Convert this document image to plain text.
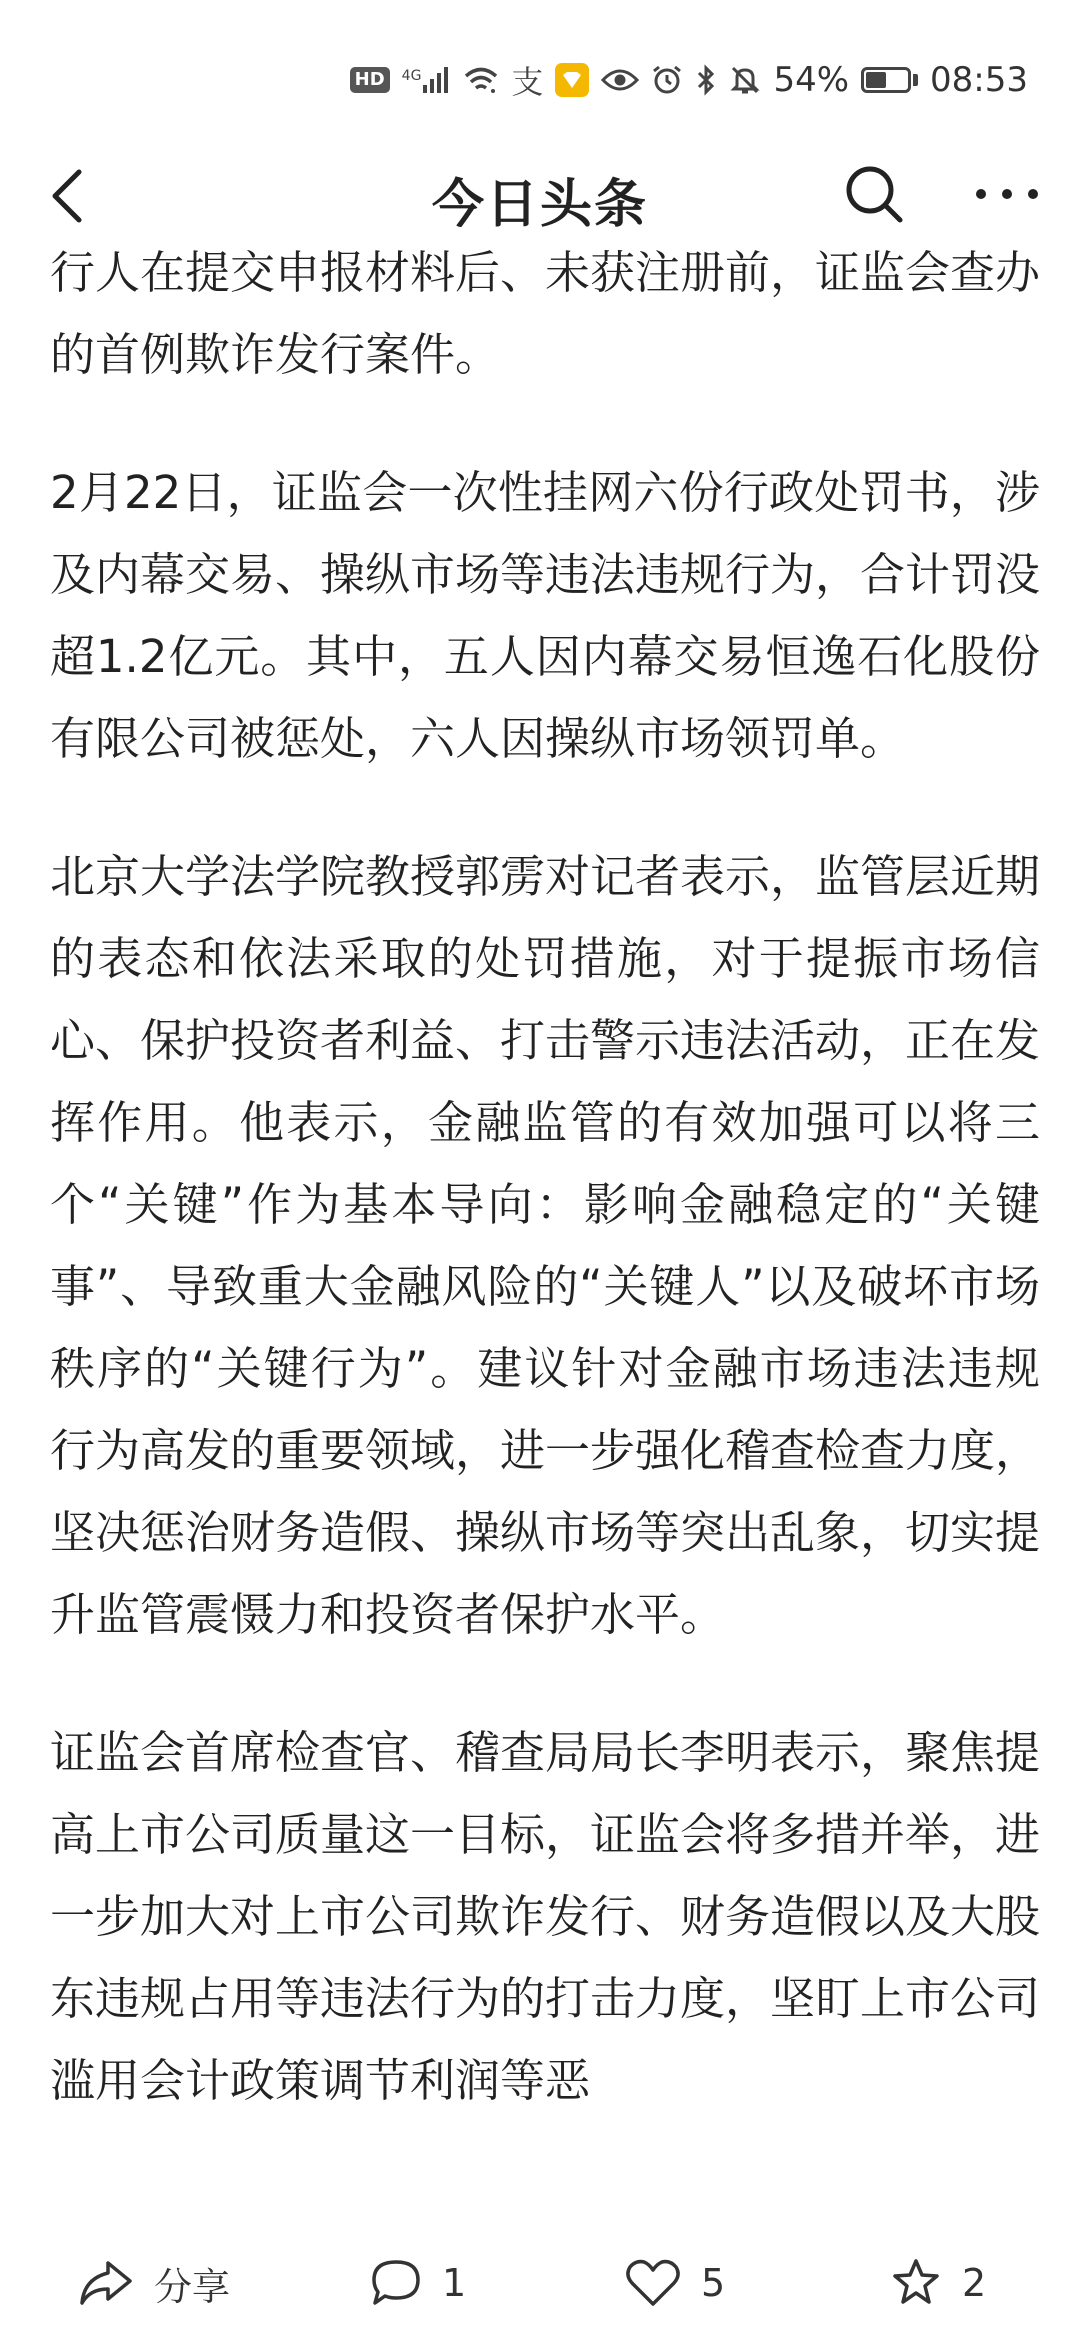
HD	4G	支	54% 08:53
今日头条

行人在提交申报材料后、未获注册前，证监会查办的首例欺诈发行案件。

2月22日，证监会一次性挂网六份行政处罚书，涉及内幕交易、操纵市场等违法违规行为，合计罚没超1.2亿元。其中，五人因内幕交易恒逸石化股份有限公司被惩处，六人因操纵市场领罚单。

北京大学法学院教授郭雳对记者表示，监管层近期的表态和依法采取的处罚措施，对于提振市场信心、保护投资者利益、打击警示违法活动，正在发挥作用。他表示，金融监管的有效加强可以将三个“关键”作为基本导向：影响金融稳定的“关键事”、导致重大金融风险的“关键人”以及破坏市场秩序的“关键行为”。建议针对金融市场违法违规行为高发的重要领域，进一步强化稽查检查力度，坚决惩治财务造假、操纵市场等突出乱象，切实提升监管震慑力和投资者保护水平。

证监会首席检查官、稽查局局长李明表示，聚焦提高上市公司质量这一目标，证监会将多措并举，进一步加大对上市公司欺诈发行、财务造假以及大股东违规占用等违法行为的打击力度，坚盯上市公司滥用会计政策调节利润等恶

分享	1	5	2
